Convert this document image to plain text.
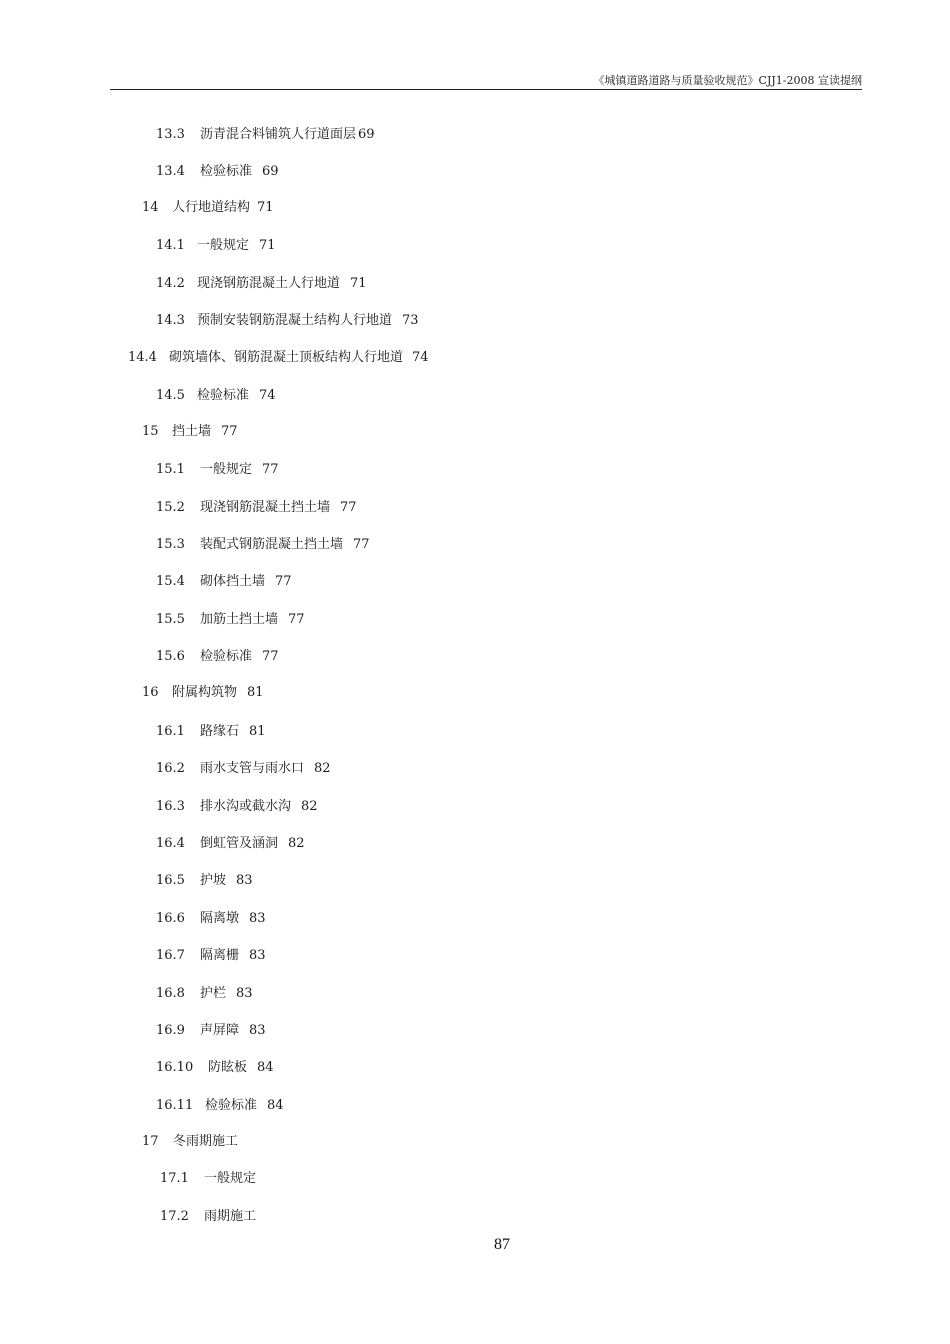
《城镇道路道路与质量验收规范》CJJ1-2008 宣读提纲
13.3 沥青混合料铺筑人行道面层 69
13.4 检验标准 69
14 人行地道结构 71
14.1 一般规定 71
14.2 现浇钢筋混凝土人行地道 71
14.3 预制安装钢筋混凝土结构人行地道 73
14.4 砌筑墙体、钢筋混凝土顶板结构人行地道 74
14.5 检验标准 74
15 挡土墙 77
15.1 一般规定 77
15.2 现浇钢筋混凝土挡土墙 77
15.3 装配式钢筋混凝土挡土墙 77
15.4 砌体挡土墙 77
15.5 加筋土挡土墙 77
15.6 检验标准 77
16 附属构筑物 81
16.1 路缘石 81
16.2 雨水支管与雨水口 82
16.3 排水沟或截水沟 82
16.4 倒虹管及涵洞 82
16.5 护坡 83
16.6 隔离墩 83
16.7 隔离栅 83
16.8 护栏 83
16.9 声屏障 83
16.10 防眩板 84
16.11 检验标准 84
17 冬雨期施工
17.1 一般规定
17.2 雨期施工
87
